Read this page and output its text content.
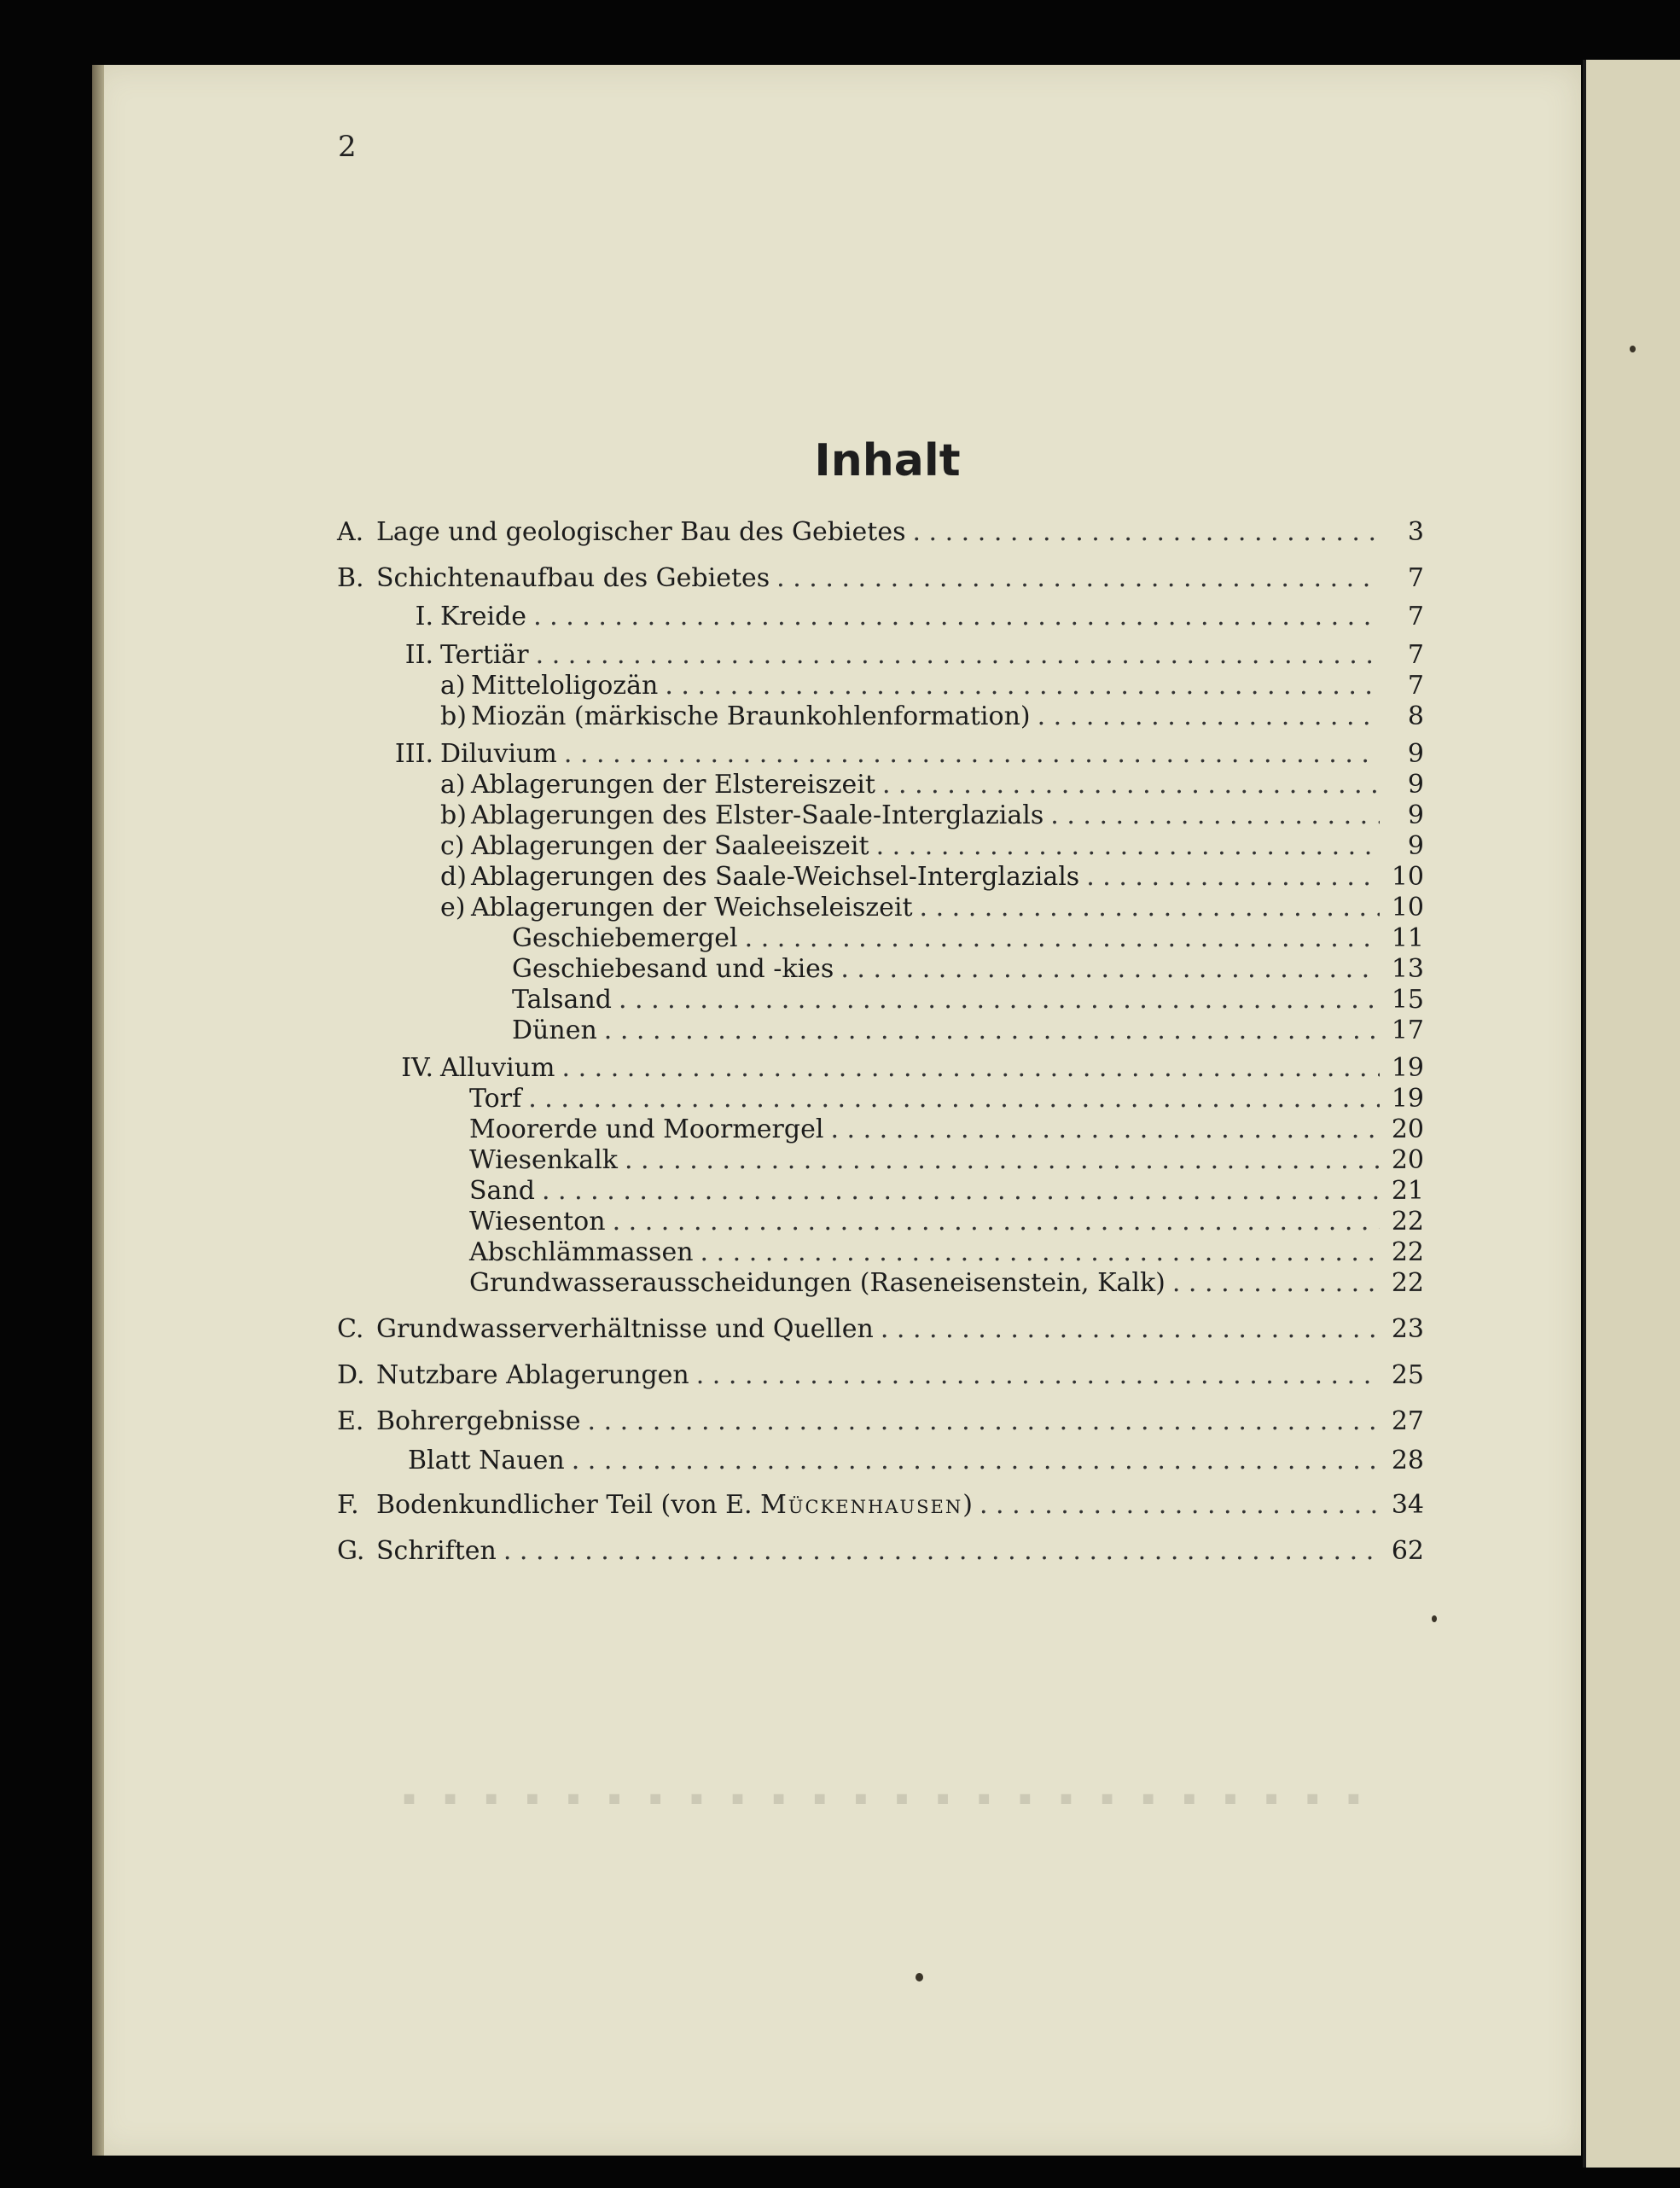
2
Inhalt
A. Lage und geologischer Bau des Gebietes . . .	3
B. Schichtenaufbau des Gebietes . . .	7
I. Kreide . . .	7
II. Tertiär . . .	7
a) Mitteloligozän . . .	7
b) Miozän (märkische Braunkohlenformation) . . .	8
III. Diluvium . . .	9
a) Ablagerungen der Elstereiszeit . . .	9
b) Ablagerungen des Elster-Saale-Interglazials . . .	9
c) Ablagerungen der Saaleeiszeit . . .	9
d) Ablagerungen des Saale-Weichsel-Interglazials . . .	10
e) Ablagerungen der Weichseleiszeit . . .	10
Geschiebemergel . . .	11
Geschiebesand und -kies . . .	13
Talsand . . .	15
Dünen . . .	17
IV. Alluvium . . .	19
Torf . . .	19
Moorerde und Moormergel . . .	20
Wiesenkalk . . .	20
Sand . . .	21
Wiesenton . . .	22
Abschlämmassen . . .	22
Grundwasserausscheidungen (Raseneisenstein, Kalk) . . .	22
C. Grundwasserverhältnisse und Quellen . . .	23
D. Nutzbare Ablagerungen . . .	25
E. Bohrergebnisse . . .	27
Blatt Nauen . . .	28
F. Bodenkundlicher Teil (von E. Mückenhausen) . . .	34
G. Schriften . . .	62
▪ ▪ ▪ ▪ ▪ ▪ ▪ ▪ ▪ ▪ ▪ ▪ ▪ ▪ ▪ ▪ ▪ ▪ ▪ ▪ ▪ ▪ ▪ ▪
